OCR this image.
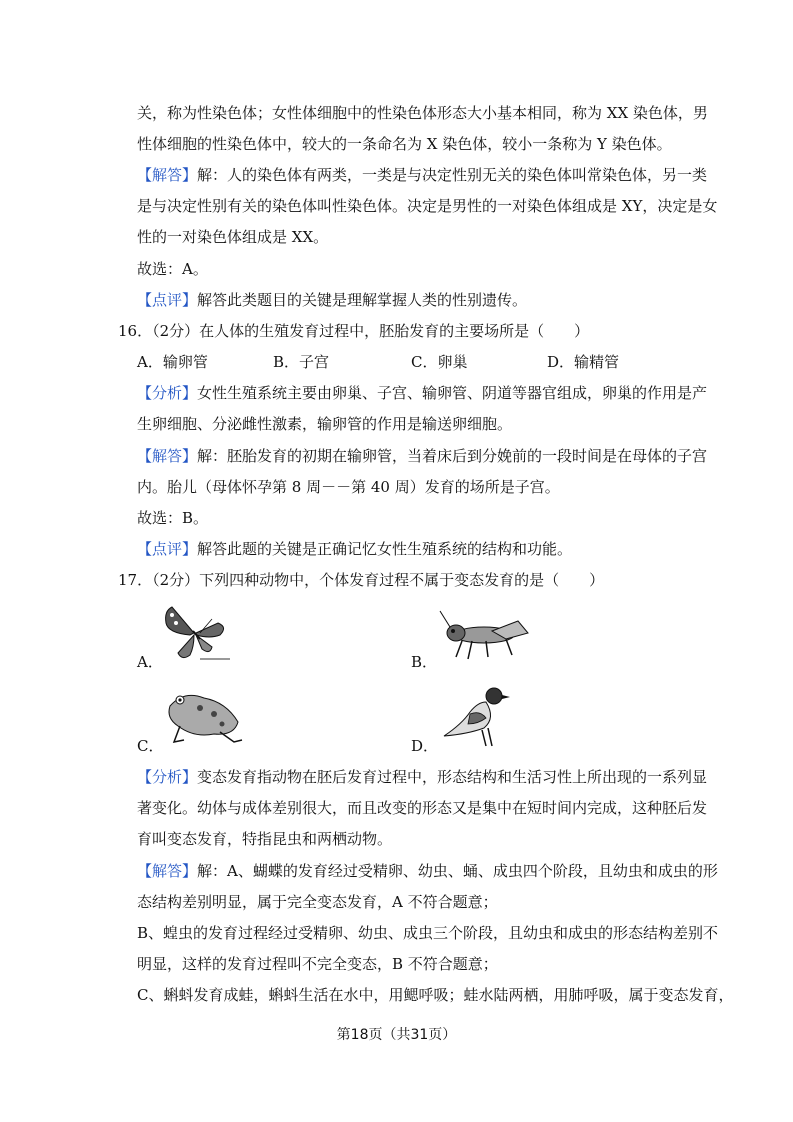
关，称为性染色体；女性体细胞中的性染色体形态大小基本相同，称为 XX 染色体，男
性体细胞的性染色体中，较大的一条命名为 X 染色体，较小一条称为 Y 染色体。
【解答】解：人的染色体有两类，一类是与决定性别无关的染色体叫常染色体，另一类
是与决定性别有关的染色体叫性染色体。决定是男性的一对染色体组成是 XY，决定是女
性的一对染色体组成是 XX。
故选：A。
【点评】解答此类题目的关键是理解掌握人类的性别遗传。
16．（2分）在人体的生殖发育过程中，胚胎发育的主要场所是（　　）
A．输卵管	B．子宫	C．卵巢	D．输精管
【分析】女性生殖系统主要由卵巢、子宫、输卵管、阴道等器官组成，卵巢的作用是产
生卵细胞、分泌雌性激素，输卵管的作用是输送卵细胞。
【解答】解：胚胎发育的初期在输卵管，当着床后到分娩前的一段时间是在母体的子宫
内。胎儿（母体怀孕第 8 周－－第 40 周）发育的场所是子宫。
故选：B。
【点评】解答此题的关键是正确记忆女性生殖系统的结构和功能。
17．（2分）下列四种动物中，个体发育过程不属于变态发育的是（　　）
A．	B．
C．	D．
【分析】变态发育指动物在胚后发育过程中，形态结构和生活习性上所出现的一系列显
著变化。幼体与成体差别很大，而且改变的形态又是集中在短时间内完成，这种胚后发
育叫变态发育，特指昆虫和两栖动物。
【解答】解：A、蝴蝶的发育经过受精卵、幼虫、蛹、成虫四个阶段，且幼虫和成虫的形
态结构差别明显，属于完全变态发育，A 不符合题意；
B、蝗虫的发育过程经过受精卵、幼虫、成虫三个阶段，且幼虫和成虫的形态结构差别不
明显，这样的发育过程叫不完全变态，B 不符合题意；
C、蝌蚪发育成蛙，蝌蚪生活在水中，用鳃呼吸；蛙水陆两栖，用肺呼吸，属于变态发育，
第18页（共31页）
